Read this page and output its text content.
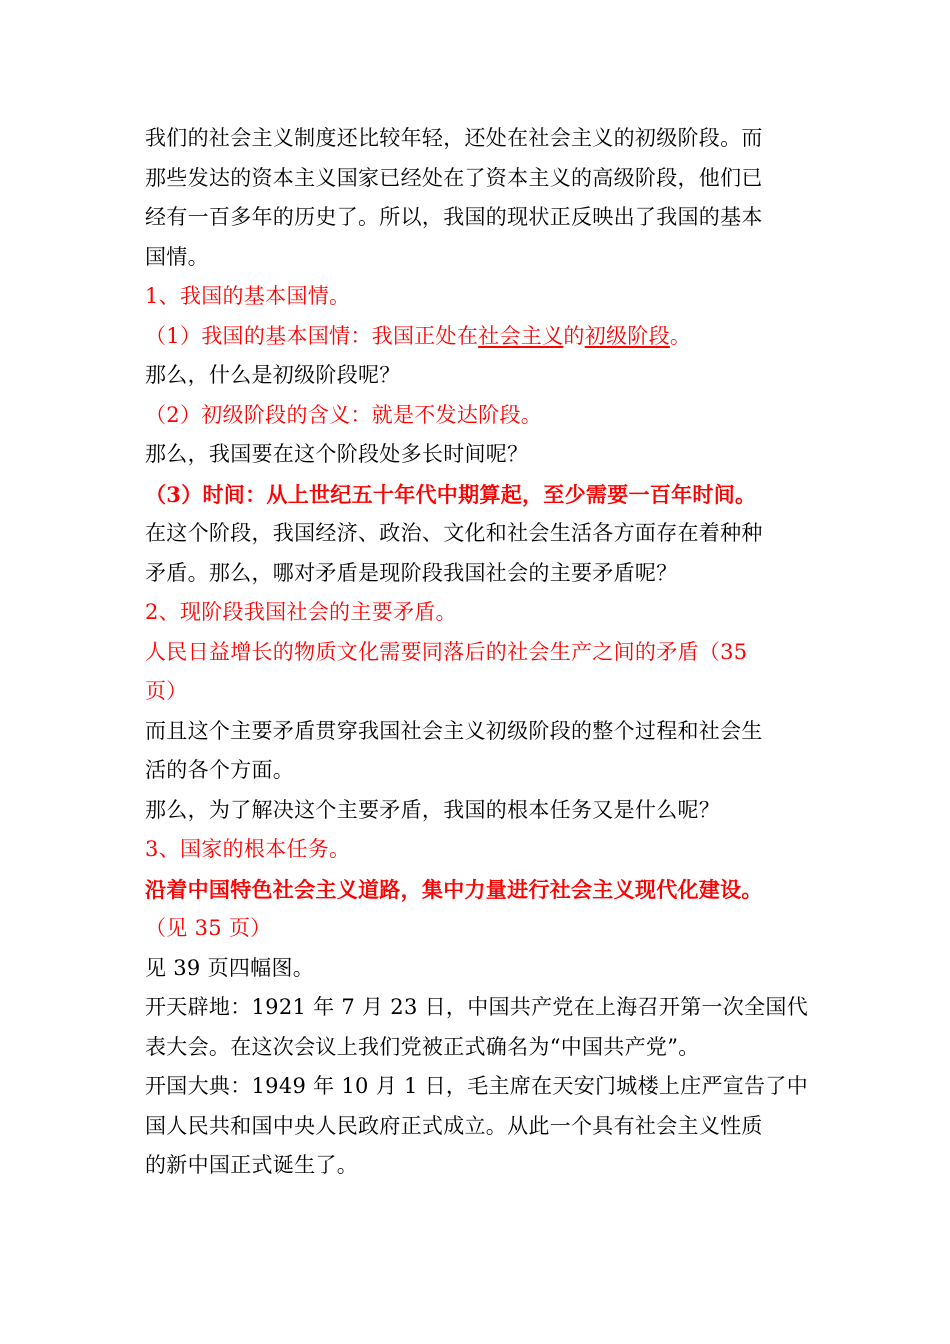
我们的社会主义制度还比较年轻，还处在社会主义的初级阶段。而
那些发达的资本主义国家已经处在了资本主义的高级阶段，他们已
经有一百多年的历史了。所以，我国的现状正反映出了我国的基本
国情。
1、我国的基本国情。
（1）我国的基本国情：我国正处在社会主义的初级阶段。
那么，什么是初级阶段呢？
（2）初级阶段的含义：就是不发达阶段。
那么，我国要在这个阶段处多长时间呢？
（3）时间：从上世纪五十年代中期算起，至少需要一百年时间。
在这个阶段，我国经济、政治、文化和社会生活各方面存在着种种
矛盾。那么，哪对矛盾是现阶段我国社会的主要矛盾呢？
2、现阶段我国社会的主要矛盾。
人民日益增长的物质文化需要同落后的社会生产之间的矛盾（35
页）
而且这个主要矛盾贯穿我国社会主义初级阶段的整个过程和社会生
活的各个方面。
那么，为了解决这个主要矛盾，我国的根本任务又是什么呢？
3、国家的根本任务。
沿着中国特色社会主义道路，集中力量进行社会主义现代化建设。
（见 35 页）
见 39 页四幅图。
开天辟地：1921 年 7 月 23 日，中国共产党在上海召开第一次全国代
表大会。在这次会议上我们党被正式确名为“中国共产党”。
开国大典：1949 年 10 月 1 日，毛主席在天安门城楼上庄严宣告了中
国人民共和国中央人民政府正式成立。从此一个具有社会主义性质
的新中国正式诞生了。
